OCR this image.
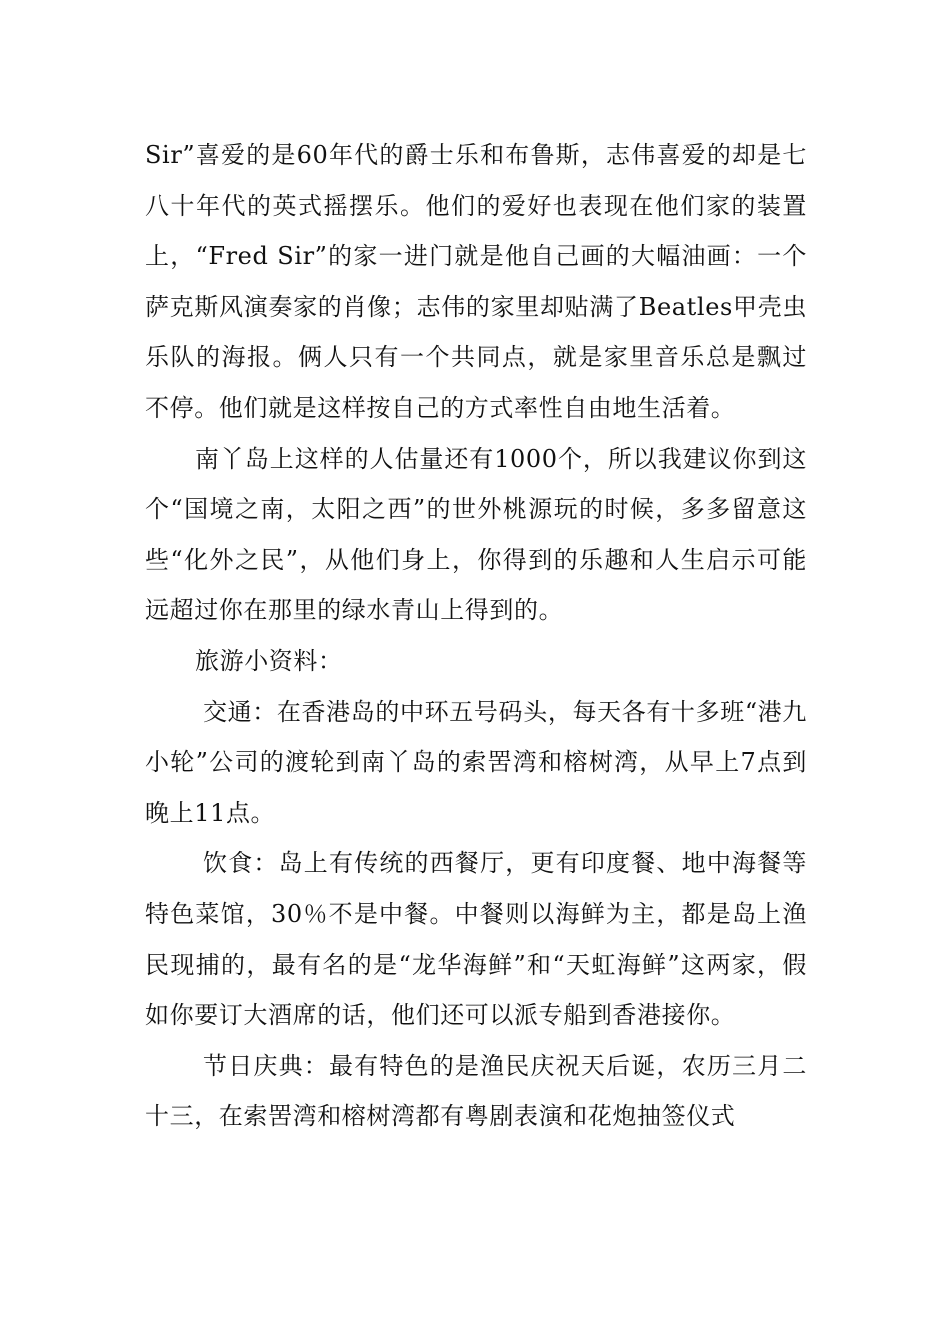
Sir”喜爱的是60年代的爵士乐和布鲁斯，志伟喜爱的却是七八十年代的英式摇摆乐。他们的爱好也表现在他们家的装置上，“Fred Sir”的家一进门就是他自己画的大幅油画：一个萨克斯风演奏家的肖像；志伟的家里却贴满了Beatles甲壳虫乐队的海报。俩人只有一个共同点，就是家里音乐总是飘过不停。他们就是这样按自己的方式率性自由地生活着。

南丫岛上这样的人估量还有1000个，所以我建议你到这个“国境之南，太阳之西”的世外桃源玩的时候，多多留意这些“化外之民”，从他们身上，你得到的乐趣和人生启示可能远超过你在那里的绿水青山上得到的。

旅游小资料：

交通：在香港岛的中环五号码头，每天各有十多班“港九小轮”公司的渡轮到南丫岛的索罟湾和榕树湾，从早上7点到晚上11点。

饮食：岛上有传统的西餐厅，更有印度餐、地中海餐等特色菜馆，30％不是中餐。中餐则以海鲜为主，都是岛上渔民现捕的，最有名的是“龙华海鲜”和“天虹海鲜”这两家，假如你要订大酒席的话，他们还可以派专船到香港接你。

节日庆典：最有特色的是渔民庆祝天后诞，农历三月二十三，在索罟湾和榕树湾都有粤剧表演和花炮抽签仪式
